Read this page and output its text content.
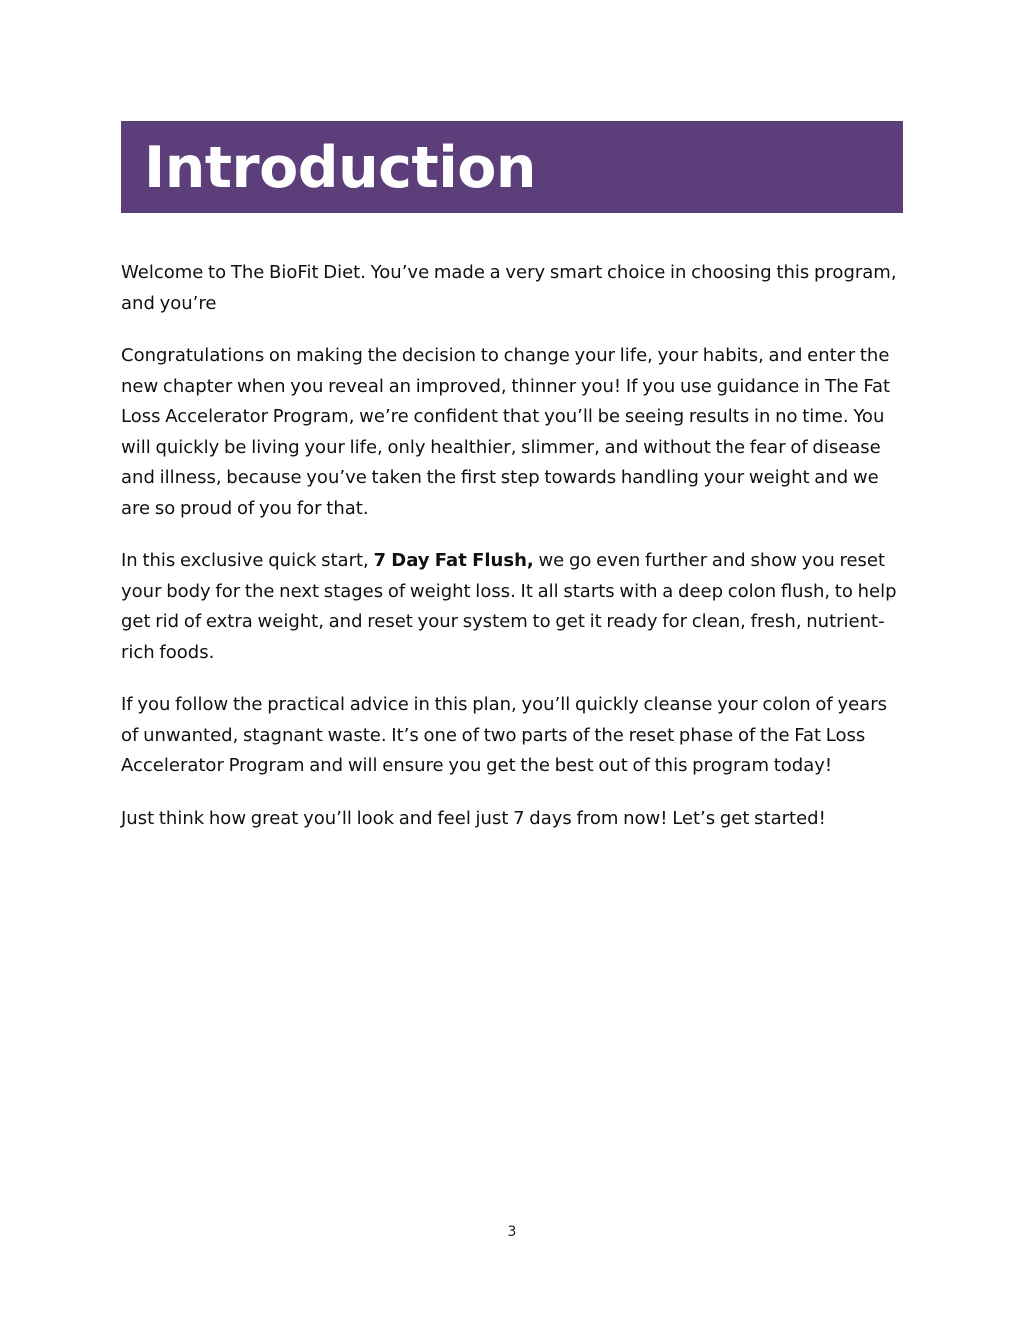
Introduction

Welcome to The BioFit Diet. You’ve made a very smart choice in choosing this program, and you’re

Congratulations on making the decision to change your life, your habits, and enter the new chapter when you reveal an improved, thinner you! If you use guidance in The Fat Loss Accelerator Program, we’re confident that you’ll be seeing results in no time. You will quickly be living your life, only healthier, slimmer, and without the fear of disease and illness, because you’ve taken the first step towards handling your weight and we are so proud of you for that.

In this exclusive quick start, 7 Day Fat Flush, we go even further and show you reset your body for the next stages of weight loss. It all starts with a deep colon flush, to help get rid of extra weight, and reset your system to get it ready for clean, fresh, nutrient-rich foods.

If you follow the practical advice in this plan, you’ll quickly cleanse your colon of years of unwanted, stagnant waste. It’s one of two parts of the reset phase of the Fat Loss Accelerator Program and will ensure you get the best out of this program today!

Just think how great you’ll look and feel just 7 days from now! Let’s get started!

3
